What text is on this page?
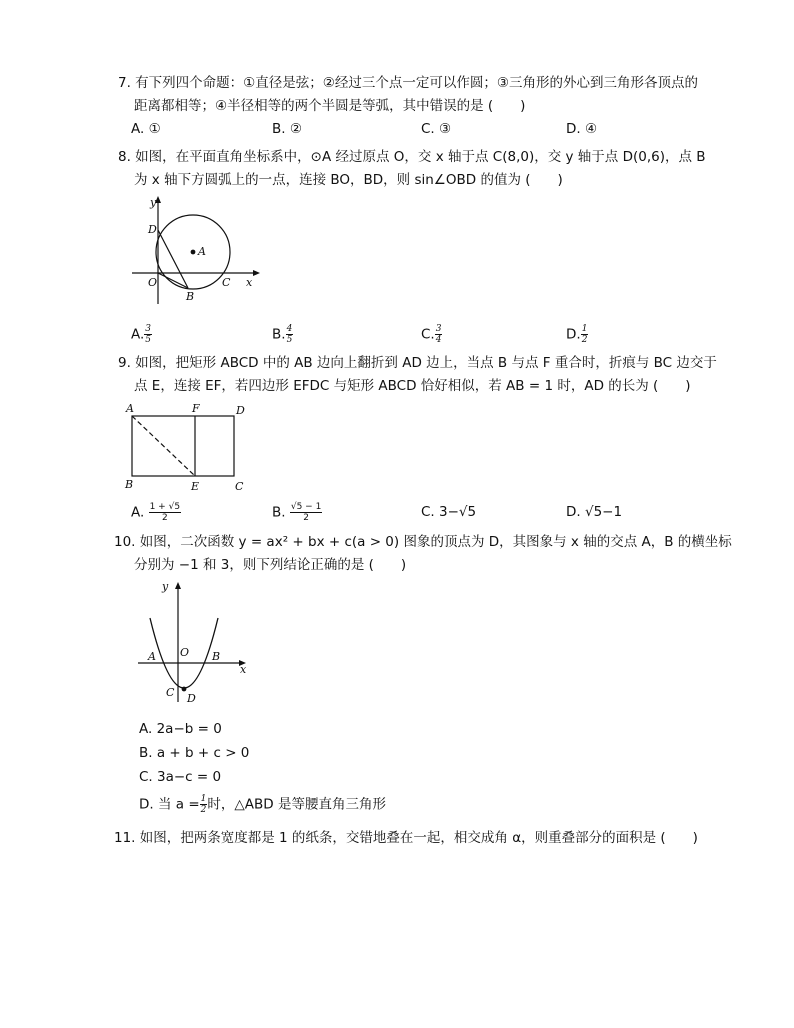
7. 有下列四个命题：①直径是弦；②经过三个点一定可以作圆；③三角形的外心到三角形各顶点的
距离都相等；④半径相等的两个半圆是等弧，其中错误的是 (　　)
A. ①	B. ②	C. ③	D. ④
8. 如图，在平面直角坐标系中，⊙A 经过原点 O，交 x 轴于点 C(8,0)，交 y 轴于点 D(0,6)，点 B
为 x 轴下方圆弧上的一点，连接 BO，BD，则 sin∠OBD 的值为 (　　)
y
D
A
O
B
C x
A. $\frac{3}{5}$	B. $\frac{4}{5}$	C. $\frac{3}{4}$	D. $\frac{1}{2}$
9. 如图，把矩形 ABCD 中的 AB 边向上翻折到 AD 边上，当点 B 与点 F 重合时，折痕与 BC 边交于
点 E，连接 EF，若四边形 EFDC 与矩形 ABCD 恰好相似，若 AB = 1 时，AD 的长为 (　　)
A	F	D
B	E	C
A. $\frac{1 + √5}{2}$	B. $\frac{√5 - 1}{2}$	C. 3−√5	D. √5−1
10. 如图，二次函数 y = ax² + bx + c(a > 0) 图象的顶点为 D，其图象与 x 轴的交点 A，B 的横坐标
分别为 −1 和 3，则下列结论正确的是 (　　)
y
O
A	B
x
C D
A. 2a−b = 0
B. a + b + c > 0
C. 3a−c = 0
D. 当 $a = \frac{1}{2}$ 时，△ABD 是等腰直角三角形
11. 如图，把两条宽度都是 1 的纸条，交错地叠在一起，相交成角 α，则重叠部分的面积是 (　　)
